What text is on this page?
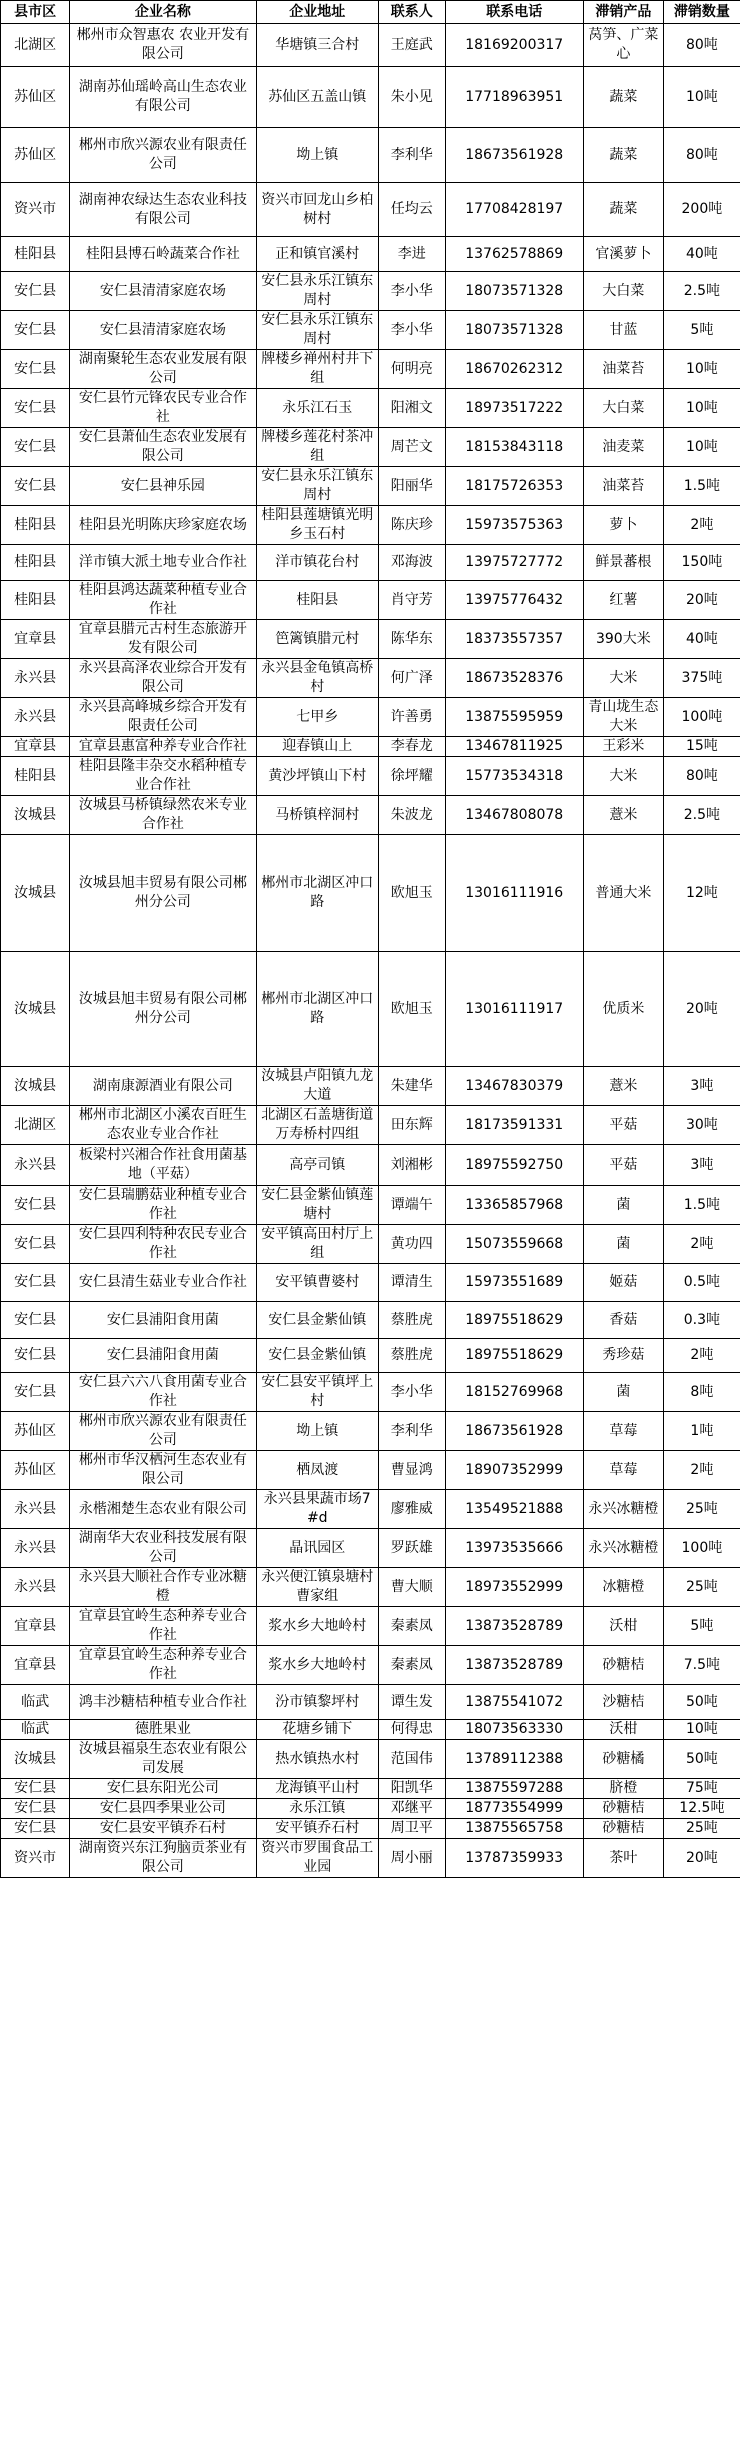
县市区	企业名称	企业地址	联系人	联系电话	滞销产品	滞销数量
北湖区	郴州市众智惠农 农业开发有限公司	华塘镇三合村	王庭武	18169200317	莴笋、广菜心	80吨
苏仙区	湖南苏仙瑶岭高山生态农业有限公司	苏仙区五盖山镇	朱小见	17718963951	蔬菜	10吨
苏仙区	郴州市欣兴源农业有限责任公司	坳上镇	李利华	18673561928	蔬菜	80吨
资兴市	湖南神农绿达生态农业科技有限公司	资兴市回龙山乡柏树村	任均云	17708428197	蔬菜	200吨
桂阳县	桂阳县博石岭蔬菜合作社	正和镇官溪村	李进	13762578869	官溪萝卜	40吨
安仁县	安仁县清清家庭农场	安仁县永乐江镇东周村	李小华	18073571328	大白菜	2.5吨
安仁县	安仁县清清家庭农场	安仁县永乐江镇东周村	李小华	18073571328	甘蓝	5吨
安仁县	湖南聚轮生态农业发展有限公司	牌楼乡禅州村井下组	何明亮	18670262312	油菜苔	10吨
安仁县	安仁县竹元锋农民专业合作社	永乐江石玉	阳湘文	18973517222	大白菜	10吨
安仁县	安仁县萧仙生态农业发展有限公司	牌楼乡莲花村茶冲组	周芒文	18153843118	油麦菜	10吨
安仁县	安仁县神乐园	安仁县永乐江镇东周村	阳丽华	18175726353	油菜苔	1.5吨
桂阳县	桂阳县光明陈庆珍家庭农场	桂阳县莲塘镇光明乡玉石村	陈庆珍	15973575363	萝卜	2吨
桂阳县	洋市镇大派土地专业合作社	洋市镇花台村	邓海波	13975727772	鲜景蕃根	150吨
桂阳县	桂阳县鸿达蔬菜种植专业合作社	桂阳县	肖守芳	13975776432	红薯	20吨
宜章县	宜章县腊元古村生态旅游开发有限公司	笆篱镇腊元村	陈华东	18373557357	390大米	40吨
永兴县	永兴县高泽农业综合开发有限公司	永兴县金龟镇高桥村	何广泽	18673528376	大米	375吨
永兴县	永兴县高峰城乡综合开发有限责任公司	七甲乡	许善勇	13875595959	青山垅生态大米	100吨
宜章县	宜章县惠富种养专业合作社	迎春镇山上	李春龙	13467811925	王彩米	15吨
桂阳县	桂阳县隆丰杂交水稻种植专业合作社	黄沙坪镇山下村	徐坪耀	15773534318	大米	80吨
汝城县	汝城县马桥镇绿然农米专业合作社	马桥镇梓洞村	朱波龙	13467808078	薏米	2.5吨
汝城县	汝城县旭丰贸易有限公司郴州分公司	郴州市北湖区冲口路	欧旭玉	13016111916	普通大米	12吨
汝城县	汝城县旭丰贸易有限公司郴州分公司	郴州市北湖区冲口路	欧旭玉	13016111917	优质米	20吨
汝城县	湖南康源酒业有限公司	汝城县卢阳镇九龙大道	朱建华	13467830379	薏米	3吨
北湖区	郴州市北湖区小溪农百旺生态农业专业合作社	北湖区石盖塘街道万寿桥村四组	田东辉	18173591331	平菇	30吨
永兴县	板梁村兴湘合作社食用菌基地（平菇）	高亭司镇	刘湘彬	18975592750	平菇	3吨
安仁县	安仁县瑞鹏菇业种植专业合作社	安仁县金紫仙镇莲塘村	谭端午	13365857968	菌	1.5吨
安仁县	安仁县四利特种农民专业合作社	安平镇高田村厅上组	黄功四	15073559668	菌	2吨
安仁县	安仁县清生菇业专业合作社	安平镇曹婆村	谭清生	15973551689	姬菇	0.5吨
安仁县	安仁县浦阳食用菌	安仁县金紫仙镇	蔡胜虎	18975518629	香菇	0.3吨
安仁县	安仁县浦阳食用菌	安仁县金紫仙镇	蔡胜虎	18975518629	秀珍菇	2吨
安仁县	安仁县六六八食用菌专业合作社	安仁县安平镇坪上村	李小华	18152769968	菌	8吨
苏仙区	郴州市欣兴源农业有限责任公司	坳上镇	李利华	18673561928	草莓	1吨
苏仙区	郴州市华汉栖河生态农业有限公司	栖凤渡	曹显鸿	18907352999	草莓	2吨
永兴县	永楷湘楚生态农业有限公司	永兴县果蔬市场7#d	廖雅威	13549521888	永兴冰糖橙	25吨
永兴县	湖南华大农业科技发展有限公司	晶讯园区	罗跃雄	13973535666	永兴冰糖橙	100吨
永兴县	永兴县大顺社合作专业冰糖橙	永兴便江镇泉塘村曹家组	曹大顺	18973552999	冰糖橙	25吨
宜章县	宜章县宜岭生态种养专业合作社	浆水乡大地岭村	秦素凤	13873528789	沃柑	5吨
宜章县	宜章县宜岭生态种养专业合作社	浆水乡大地岭村	秦素凤	13873528789	砂糖桔	7.5吨
临武	鸿丰沙糖桔种植专业合作社	汾市镇黎坪村	谭生发	13875541072	沙糖桔	50吨
临武	德胜果业	花塘乡铺下	何得忠	18073563330	沃柑	10吨
汝城县	汝城县福泉生态农业有限公司发展	热水镇热水村	范国伟	13789112388	砂糖橘	50吨
安仁县	安仁县东阳光公司	龙海镇平山村	阳凯华	13875597288	脐橙	75吨
安仁县	安仁县四季果业公司	永乐江镇	邓继平	18773554999	砂糖桔	12.5吨
安仁县	安仁县安平镇乔石村	安平镇乔石村	周卫平	13875565758	砂糖桔	25吨
资兴市	湖南资兴东江狗脑贡茶业有限公司	资兴市罗围食品工业园	周小丽	13787359933	茶叶	20吨
